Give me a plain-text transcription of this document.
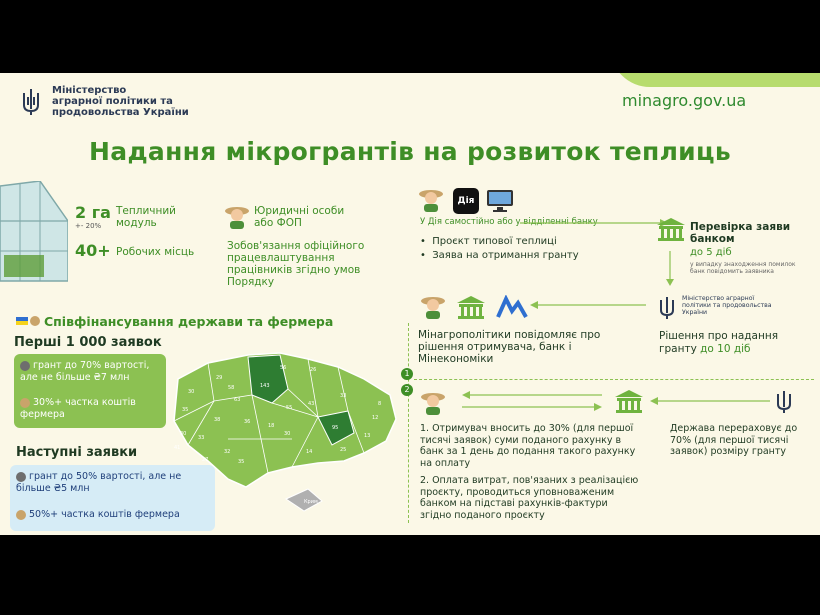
Міністерство
аграрної політики та
продовольства України
minagro.gov.ua
Надання мікрогрантів на розвиток теплиць
2 га
+- 20%
Тепличний модуль
40+ Робочих місць
Юридичні особи або ФОП
Зобов'язання офіційного працевлаштування працівників згідно умов Порядку
Співфінансування держави та фермера
Перші 1 000 заявок
грант до 70% вартості, але не більше ₴7 млн
30%+ частка коштів фермера
Наступні заявки
грант до 50% вартості, але не більше ₴5 млн
50%+ частка коштів фермера
Крим
30
29
63
56	26
143
58
35	55
33
38	36
33
30
18
43
30
41
32
95
12
35
27
14	25
13
8
1
2
Дія
У Дія самостійно або у відділенні банку
•  Проєкт типової теплиці
•  Заява на отримання гранту
Перевірка заяви банком
до 5 діб
у випадку знаходження помилок банк повідомить заявника
Міністерство аграрної політики та продовольства України
Рішення про надання гранту до 10 діб
Мінагрополітики повідомляє про рішення отримувача, банк і Мінекономіки
1. Отримувач вносить до 30% (для першої тисячі заявок) суми поданого рахунку в банк за 1 день до подання такого рахунку на оплату
Держава перераховує до 70% (для першої тисячі заявок) розміру гранту
2. Оплата витрат, пов'язаних з реалізацією проєкту, проводиться уповноваженим банком на підставі рахунків-фактури згідно поданого проєкту
